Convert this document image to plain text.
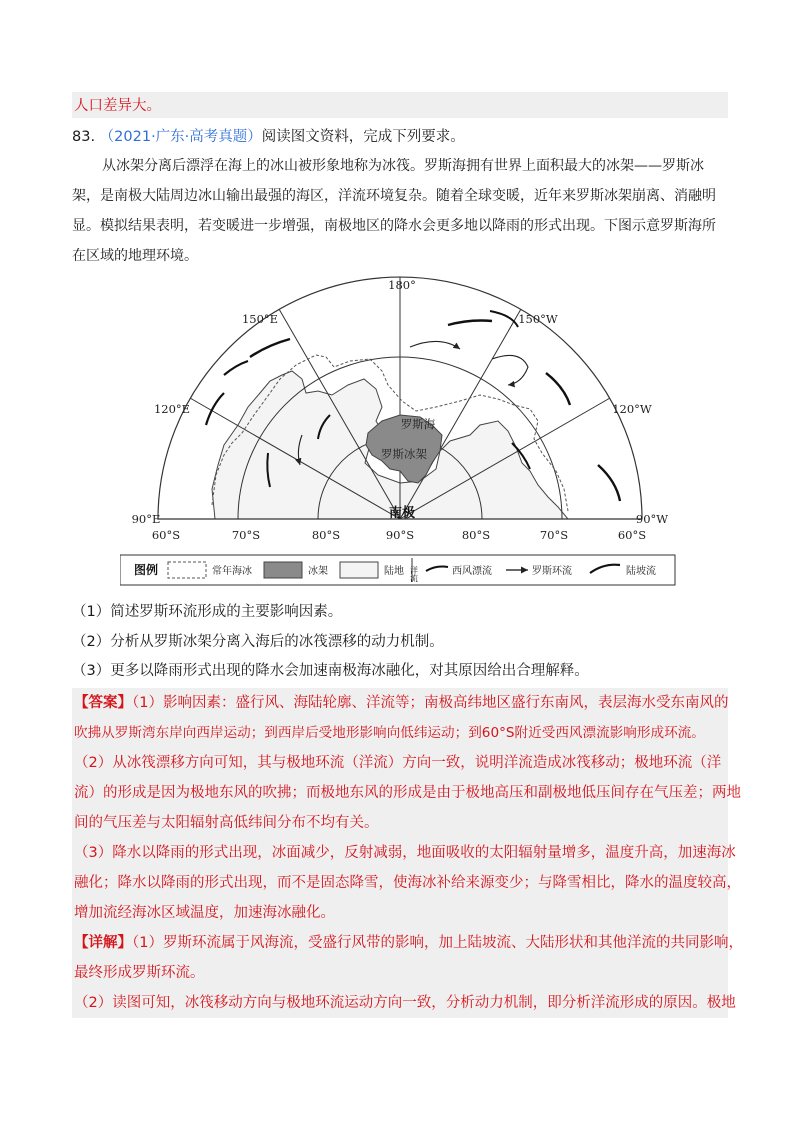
人口差异大。
83. （2021·广东·高考真题）阅读图文资料，完成下列要求。
从冰架分离后漂浮在海上的冰山被形象地称为冰筏。罗斯海拥有世界上面积最大的冰架——罗斯冰
架，是南极大陆周边冰山输出最强的海区，洋流环境复杂。随着全球变暖，近年来罗斯冰架崩离、消融明
显。模拟结果表明，若变暖进一步增强，南极地区的降水会更多地以降雨的形式出现。下图示意罗斯海所
在区域的地理环境。
180°
150°E	150°W
120°E	120°W
90°E	90°W
60°S	70°S	80°S	90°S	80°S	70°S	60°S
南极
罗斯海
罗斯冰架
图例	常年海冰	冰架	陆地 洋流	西风漂流	罗斯环流	陆坡流
（1）简述罗斯环流形成的主要影响因素。
（2）分析从罗斯冰架分离入海后的冰筏漂移的动力机制。
（3）更多以降雨形式出现的降水会加速南极海冰融化，对其原因给出合理解释。
【答案】（1）影响因素：盛行风、海陆轮廓、洋流等；南极高纬地区盛行东南风，表层海水受东南风的
吹拂从罗斯湾东岸向西岸运动；到西岸后受地形影响向低纬运动；到60°S附近受西风漂流影响形成环流。
（2）从冰筏漂移方向可知，其与极地环流（洋流）方向一致，说明洋流造成冰筏移动；极地环流（洋
流）的形成是因为极地东风的吹拂；而极地东风的形成是由于极地高压和副极地低压间存在气压差；两地
间的气压差与太阳辐射高低纬间分布不均有关。
（3）降水以降雨的形式出现，冰面减少，反射减弱，地面吸收的太阳辐射量增多，温度升高，加速海冰
融化；降水以降雨的形式出现，而不是固态降雪，使海冰补给来源变少；与降雪相比，降水的温度较高，
增加流经海冰区域温度，加速海冰融化。
【详解】（1）罗斯环流属于风海流，受盛行风带的影响，加上陆坡流、大陆形状和其他洋流的共同影响，
最终形成罗斯环流。
（2）读图可知，冰筏移动方向与极地环流运动方向一致，分析动力机制，即分析洋流形成的原因。极地
